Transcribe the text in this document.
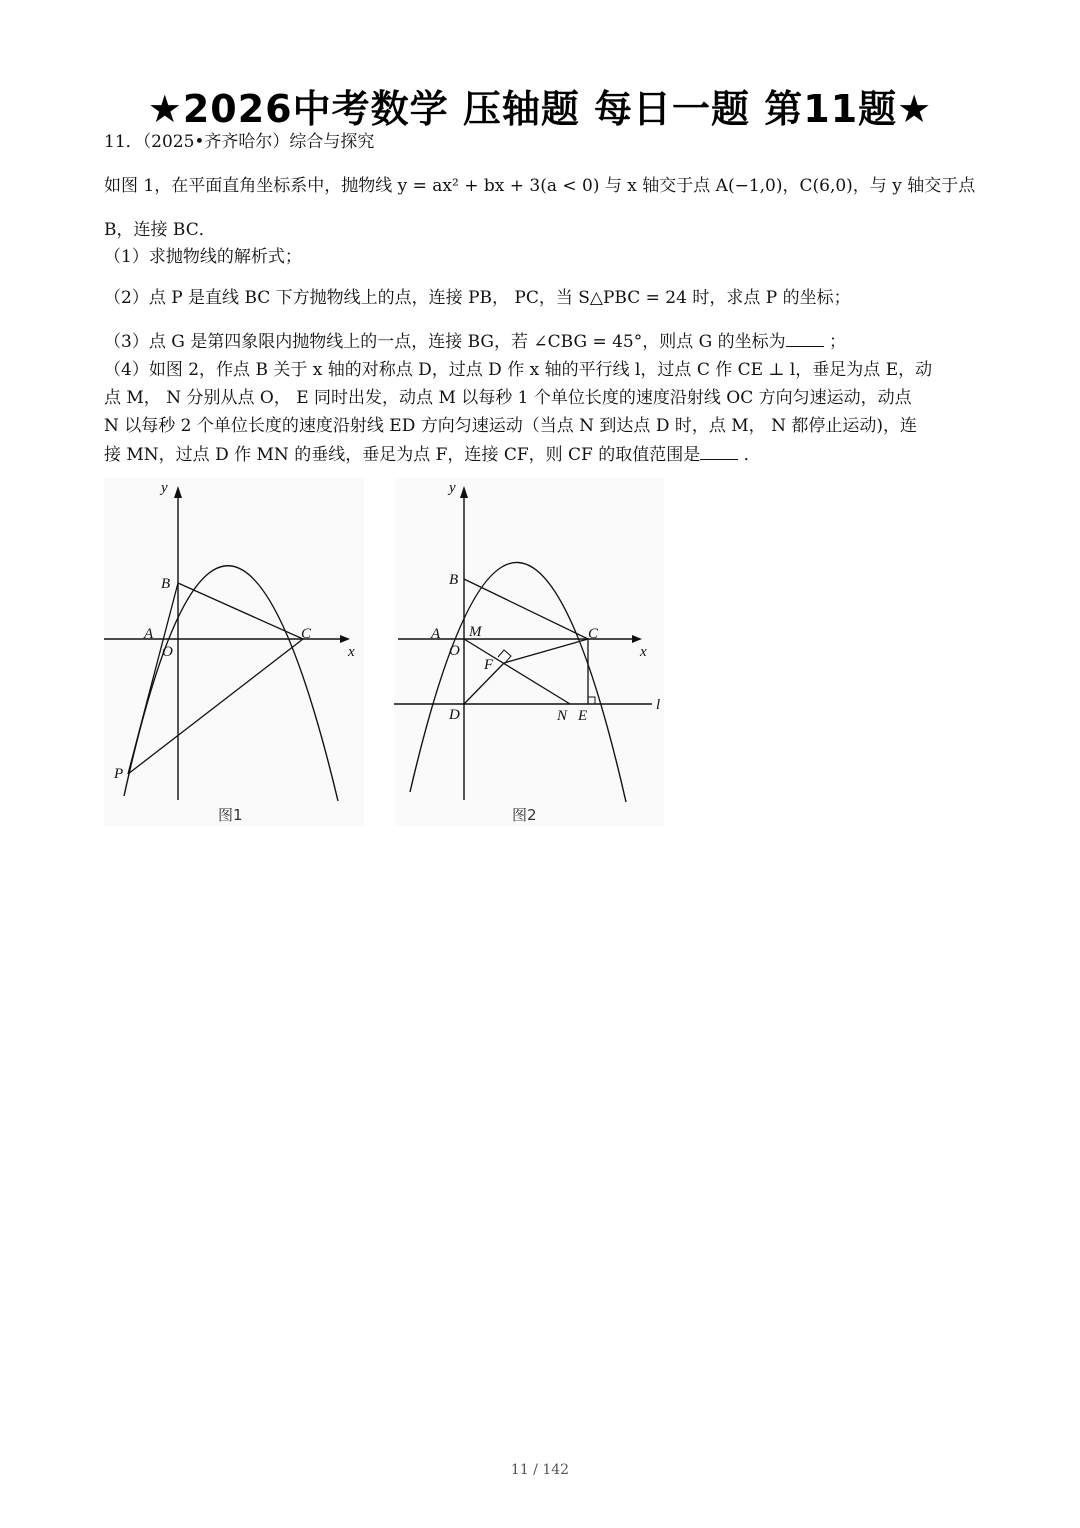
★2026中考数学 压轴题 每日一题 第11题★
11．（2025•齐齐哈尔）综合与探究
如图 1，在平面直角坐标系中，抛物线 y = ax² + bx + 3(a < 0) 与 x 轴交于点 A(−1,0)，C(6,0)，与 y 轴交于点
B，连接 BC．
（1）求抛物线的解析式；
（2）点 P 是直线 BC 下方抛物线上的点，连接 PB， PC，当 S△PBC = 24 时，求点 P 的坐标；
（3）点 G 是第四象限内抛物线上的一点，连接 BG，若 ∠CBG = 45°，则点 G 的坐标为	；
（4）如图 2，作点 B 关于 x 轴的对称点 D，过点 D 作 x 轴的平行线 l，过点 C 作 CE ⊥ l，垂足为点 E，动
点 M， N 分别从点 O， E 同时出发，动点 M 以每秒 1 个单位长度的速度沿射线 OC 方向匀速运动，动点
N 以每秒 2 个单位长度的速度沿射线 ED 方向匀速运动（当点 N 到达点 D 时，点 M， N 都停止运动)，连
接 MN，过点 D 作 MN 的垂线，垂足为点 F，连接 CF，则 CF 的取值范围是	．
y
x
B
A
O
C
P
图1
y
x
B
A M
O
C
F
D	N E
l
图2
11 / 142
